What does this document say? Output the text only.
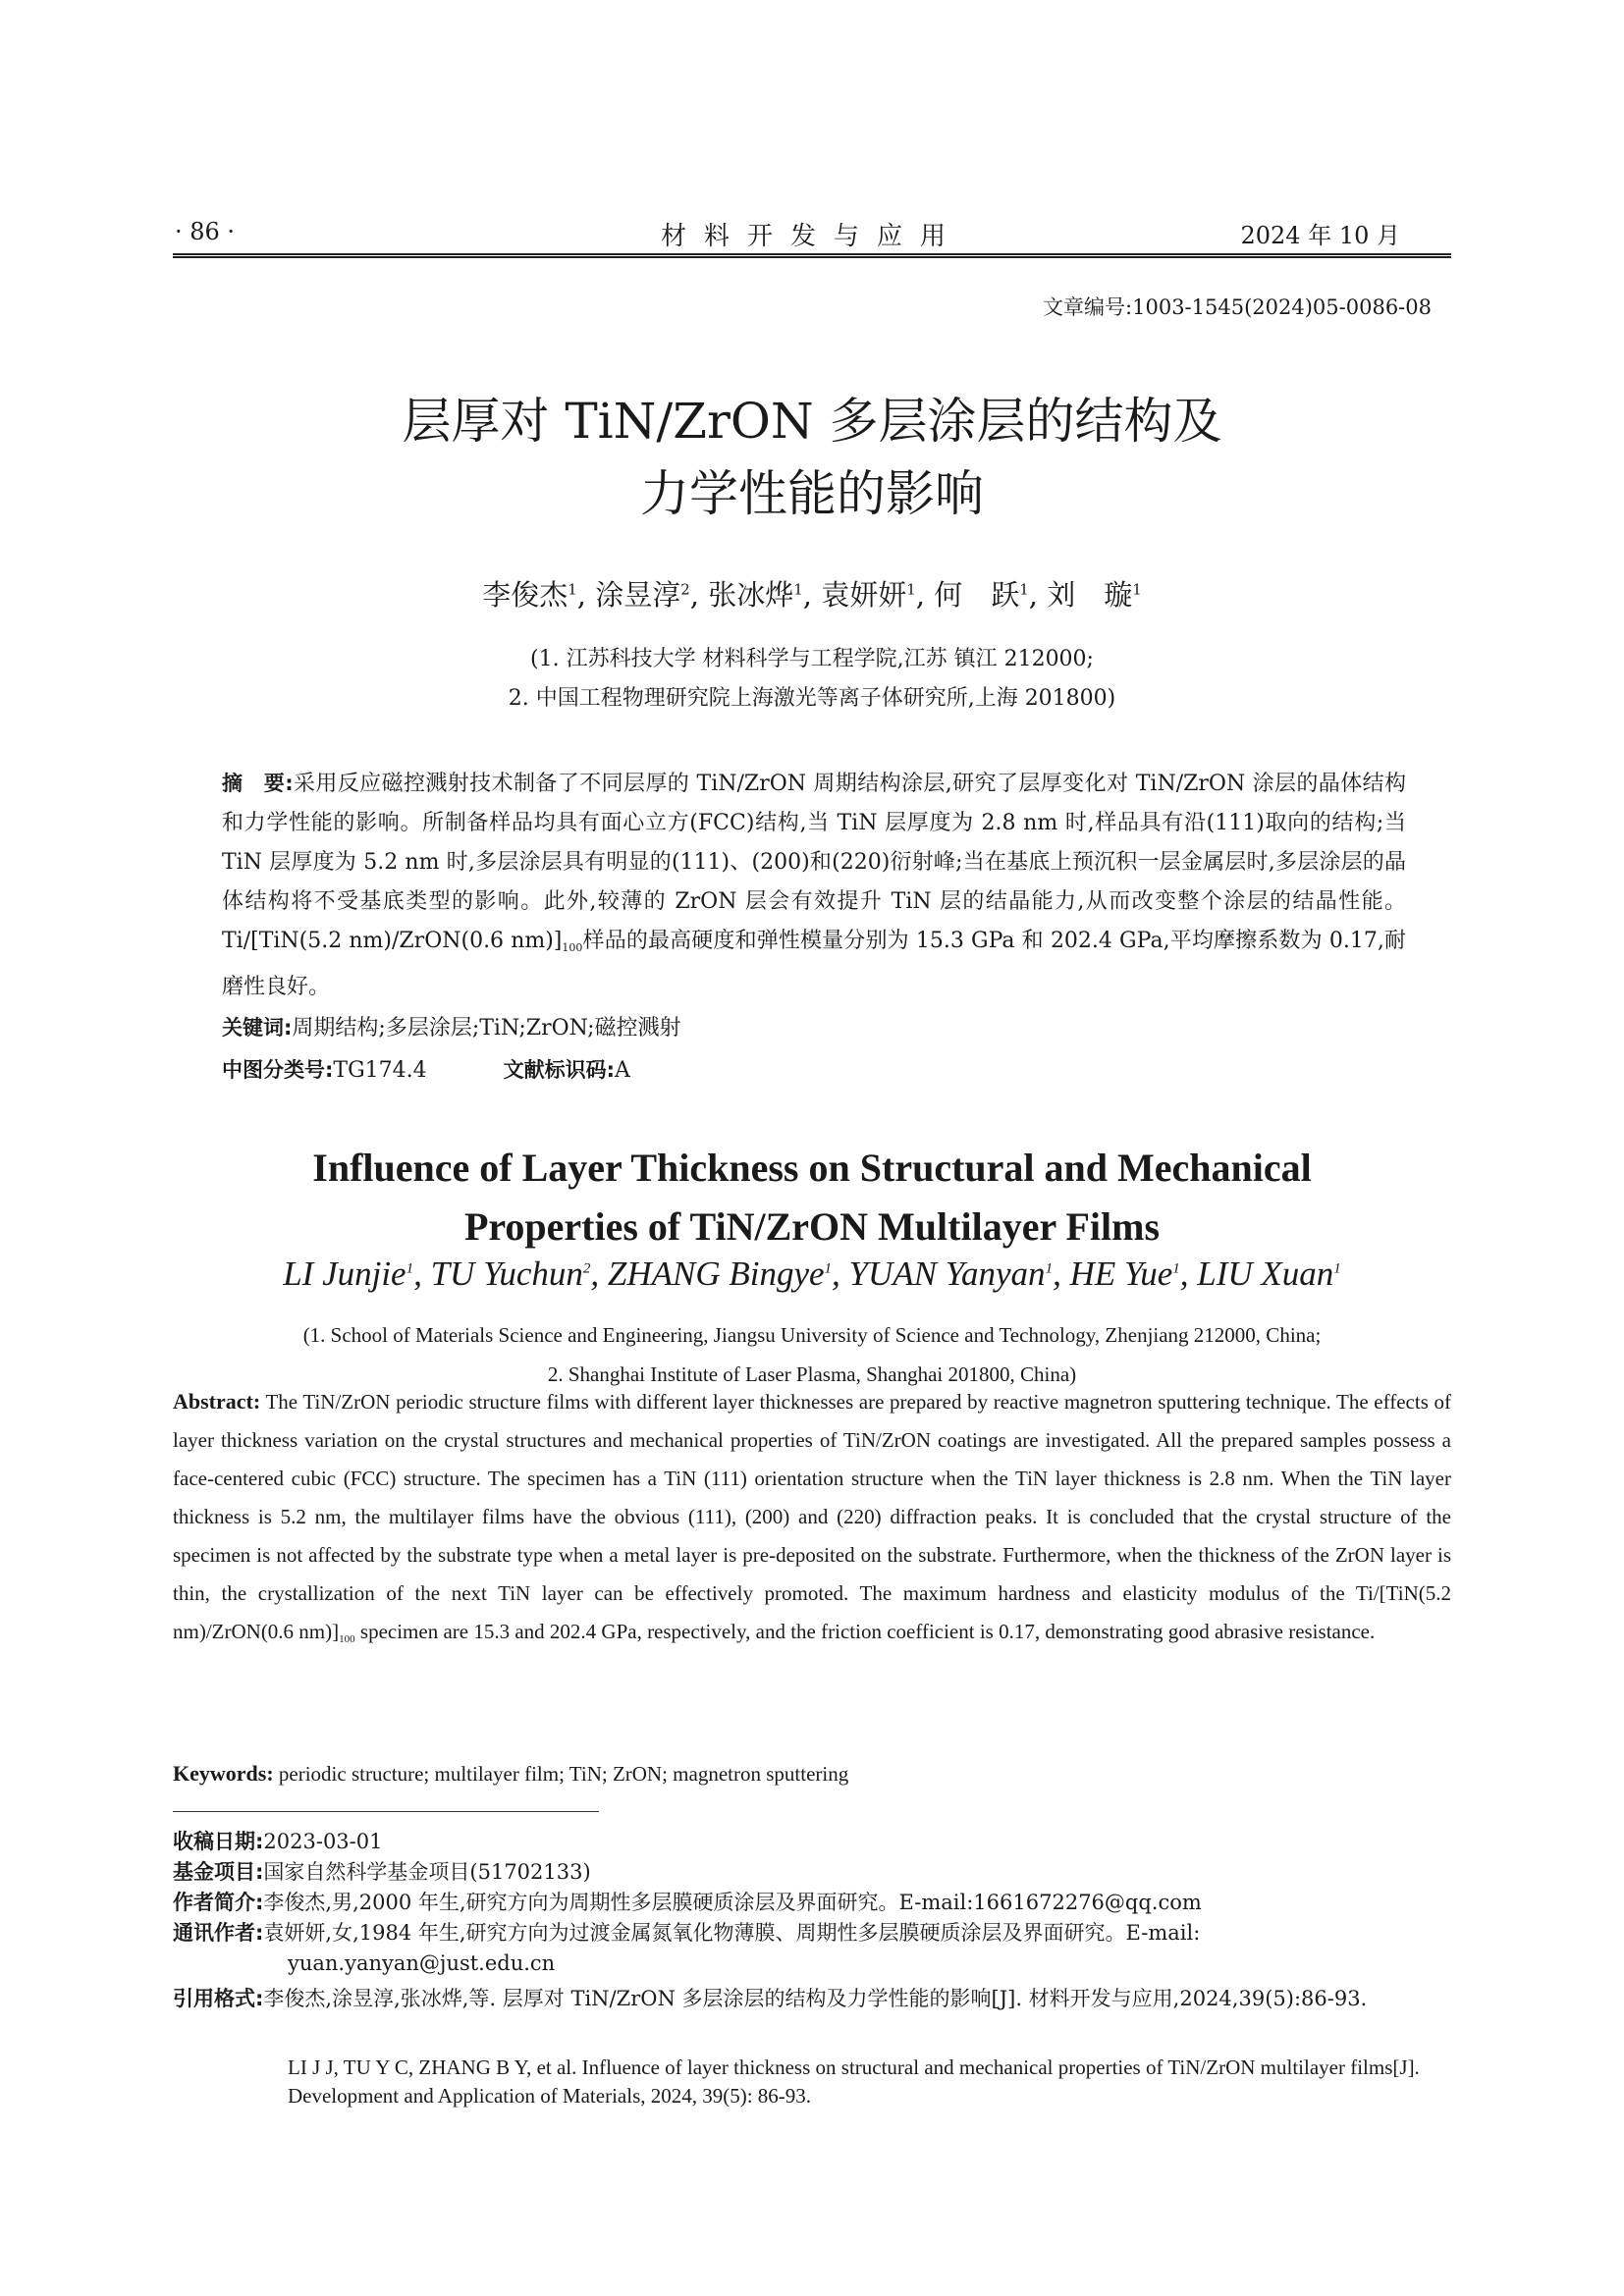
· 86 ·	材料开发与应用	2024 年 10 月
文章编号:1003-1545(2024)05-0086-08
层厚对 TiN/ZrON 多层涂层的结构及
力学性能的影响
李俊杰$^1$, 涂昱淳$^2$, 张冰烨$^1$, 袁妍妍$^1$, 何　跃$^1$, 刘　璇$^1$
(1. 江苏科技大学 材料科学与工程学院,江苏 镇江 212000;
2. 中国工程物理研究院上海激光等离子体研究所,上海 201800)
摘　要:采用反应磁控溅射技术制备了不同层厚的 TiN/ZrON 周期结构涂层,研究了层厚变化对 TiN/ZrON 涂层的晶体结构和力学性能的影响。所制备样品均具有面心立方(FCC)结构,当 TiN 层厚度为 2.8 nm 时,样品具有沿(111)取向的结构;当 TiN 层厚度为 5.2 nm 时,多层涂层具有明显的(111)、(200)和(220)衍射峰;当在基底上预沉积一层金属层时,多层涂层的晶体结构将不受基底类型的影响。此外,较薄的 ZrON 层会有效提升 TiN 层的结晶能力,从而改变整个涂层的结晶性能。Ti/[TiN(5.2 nm)/ZrON(0.6 $nm)]_{100}$样品的最高硬度和弹性模量分别为 15.3 GPa 和 202.4 GPa,平均摩擦系数为 0.17,耐磨性良好。
关键词:周期结构;多层涂层;TiN;ZrON;磁控溅射
中图分类号:TG174.4	文献标识码:A
Influence of Layer Thickness on Structural and Mechanical
Properties of TiN/ZrON Multilayer Films
LI Junjie$^1$, TU Yuchun$^2$, ZHANG Bingye$^1$, YUAN Yanyan$^1$, HE Yue$^1$, LIU Xuan$^1$
(1. School of Materials Science and Engineering, Jiangsu University of Science and Technology, Zhenjiang 212000, China;
2. Shanghai Institute of Laser Plasma, Shanghai 201800, China)
Abstract: The TiN/ZrON periodic structure films with different layer thicknesses are prepared by reactive magnetron sputtering technique. The effects of layer thickness variation on the crystal structures and mechanical properties of TiN/ZrON coatings are investigated. All the prepared samples possess a face-centered cubic (FCC) structure. The specimen has a TiN (111) orientation structure when the TiN layer thickness is 2.8 nm. When the TiN layer thickness is 5.2 nm, the multilayer films have the obvious (111), (200) and (220) diffraction peaks. It is concluded that the crystal structure of the specimen is not affected by the substrate type when a metal layer is pre-deposited on the substrate. Furthermore, when the thickness of the ZrON layer is thin, the crystallization of the next TiN layer can be effectively promoted. The maximum hardness and elasticity modulus of the Ti/[TiN(5.2 nm)/ZrON(0.6 $nm)]_{100}$ specimen are 15.3 and 202.4 GPa, respectively, and the friction coefficient is 0.17, demonstrating good abrasive resistance.
Keywords: periodic structure; multilayer film; TiN; ZrON; magnetron sputtering
收稿日期:2023-03-01
基金项目:国家自然科学基金项目(51702133)
作者简介:李俊杰,男,2000 年生,研究方向为周期性多层膜硬质涂层及界面研究。E-mail:1661672276@qq.com
通讯作者:袁妍妍,女,1984 年生,研究方向为过渡金属氮氧化物薄膜、周期性多层膜硬质涂层及界面研究。E-mail:
yuan.yanyan@just.edu.cn
引用格式:李俊杰,涂昱淳,张冰烨,等. 层厚对 TiN/ZrON 多层涂层的结构及力学性能的影响[J]. 材料开发与应用,2024,39(5):86-93.
LI J J, TU Y C, ZHANG B Y, et al. Influence of layer thickness on structural and mechanical properties of TiN/ZrON multilayer films[J]. Development and Application of Materials, 2024, 39(5): 86-93.
